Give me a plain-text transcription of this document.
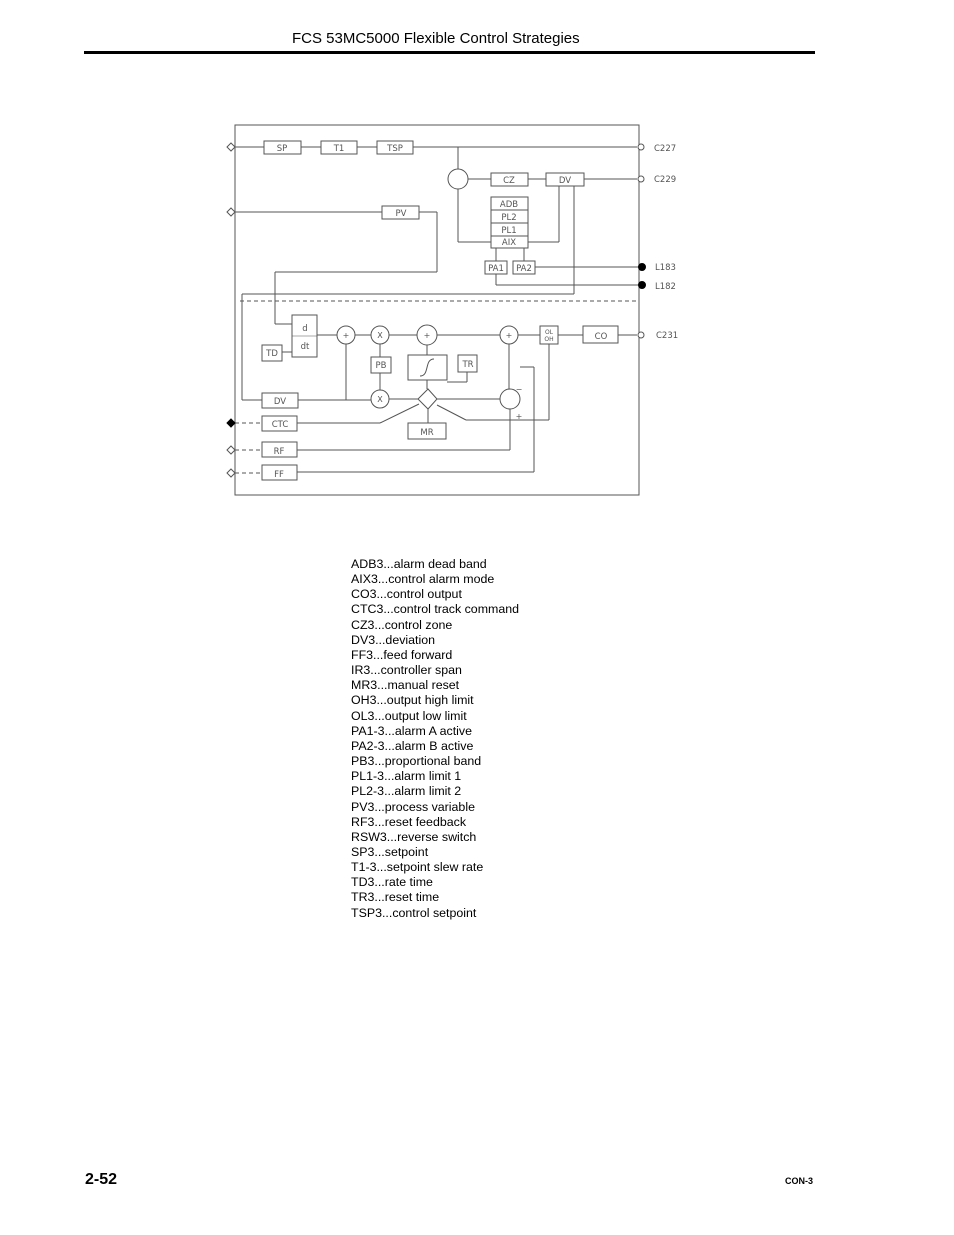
FCS 53MC5000 Flexible Control Strategies
SP	T1	TSP
CZ	DV
PV
ADB
PL2
PL1
AIX
PA1 PA2
d
dt
TD
PB	TR
CO
DV
CTC
RF
FF
MR
OL
OH
+	X	+	+
X
−
+
C227
C229
L183
L182
C231
ADB3...alarm dead band
AIX3...control alarm mode
CO3...control output
CTC3...control track command
CZ3...control zone
DV3...deviation
FF3...feed forward
IR3...controller span
MR3...manual reset
OH3...output high limit
OL3...output low limit
PA1-3...alarm A active
PA2-3...alarm B active
PB3...proportional band
PL1-3...alarm limit 1
PL2-3...alarm limit 2
PV3...process variable
RF3...reset feedback
RSW3...reverse switch
SP3...setpoint
T1-3...setpoint slew rate
TD3...rate time
TR3...reset time
TSP3...control setpoint
2-52	CON-3
